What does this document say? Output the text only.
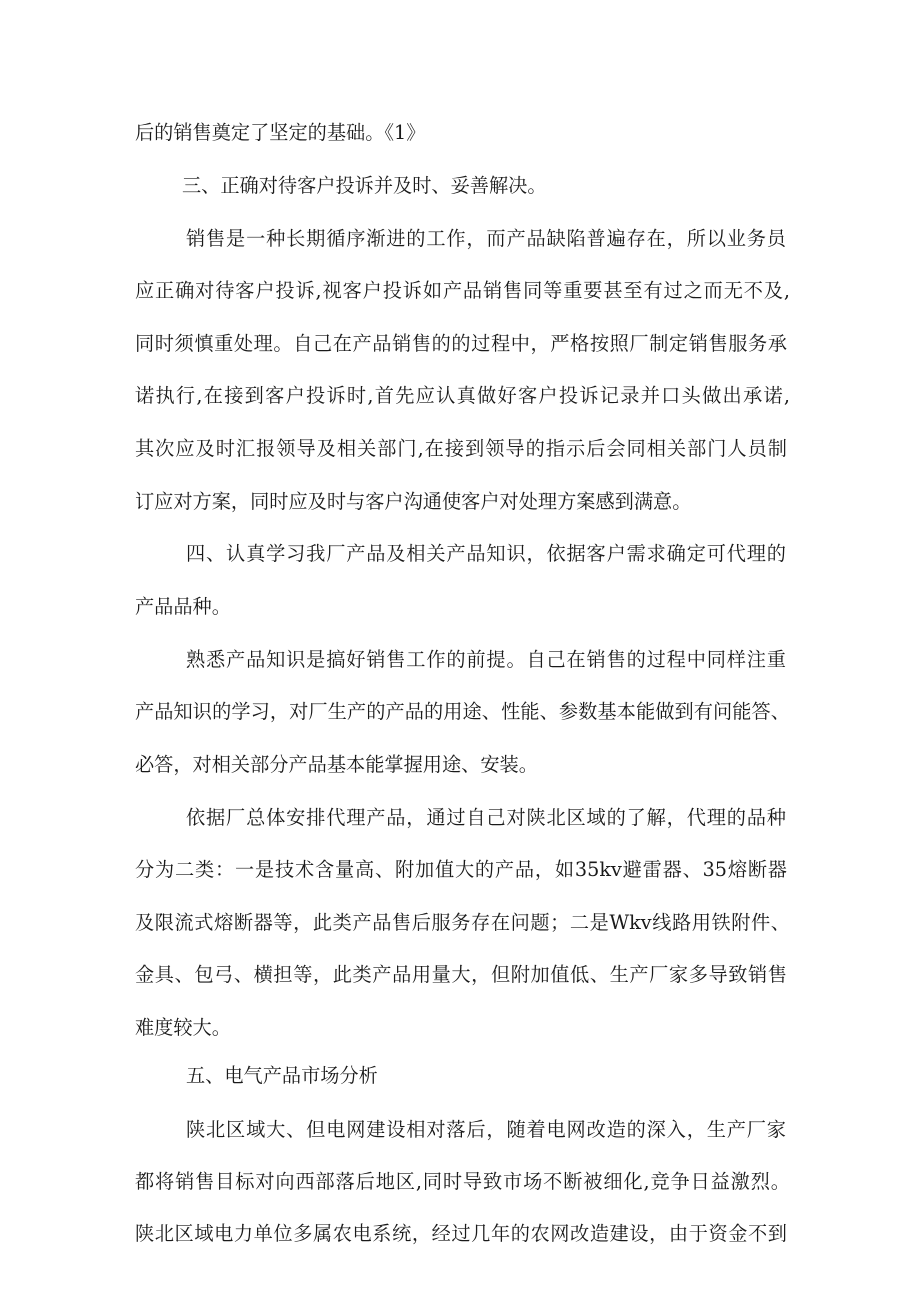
后的销售奠定了坚定的基础。《1》
三、正确对待客户投诉并及时、妥善解决。
销售是一种长期循序渐进的工作，而产品缺陷普遍存在，所以业务员
应正确对待客户投诉,视客户投诉如产品销售同等重要甚至有过之而无不及,
同时须慎重处理。自己在产品销售的的过程中，严格按照厂制定销售服务承
诺执行,在接到客户投诉时,首先应认真做好客户投诉记录并口头做出承诺,
其次应及时汇报领导及相关部门,在接到领导的指示后会同相关部门人员制
订应对方案，同时应及时与客户沟通使客户对处理方案感到满意。
四、认真学习我厂产品及相关产品知识，依据客户需求确定可代理的
产品品种。
熟悉产品知识是搞好销售工作的前提。自己在销售的过程中同样注重
产品知识的学习，对厂生产的产品的用途、性能、参数基本能做到有问能答、
必答，对相关部分产品基本能掌握用途、安装。
依据厂总体安排代理产品，通过自己对陕北区域的了解，代理的品种
分为二类：一是技术含量高、附加值大的产品，如35kv避雷器、35熔断器
及限流式熔断器等，此类产品售后服务存在问题；二是Wkv线路用铁附件、
金具、包弓、横担等，此类产品用量大，但附加值低、生产厂家多导致销售
难度较大。
五、电气产品市场分析
陕北区域大、但电网建设相对落后，随着电网改造的深入，生产厂家
都将销售目标对向西部落后地区,同时导致市场不断被细化,竞争日益激烈。
陕北区域电力单位多属农电系统，经过几年的农网改造建设，由于资金不到
